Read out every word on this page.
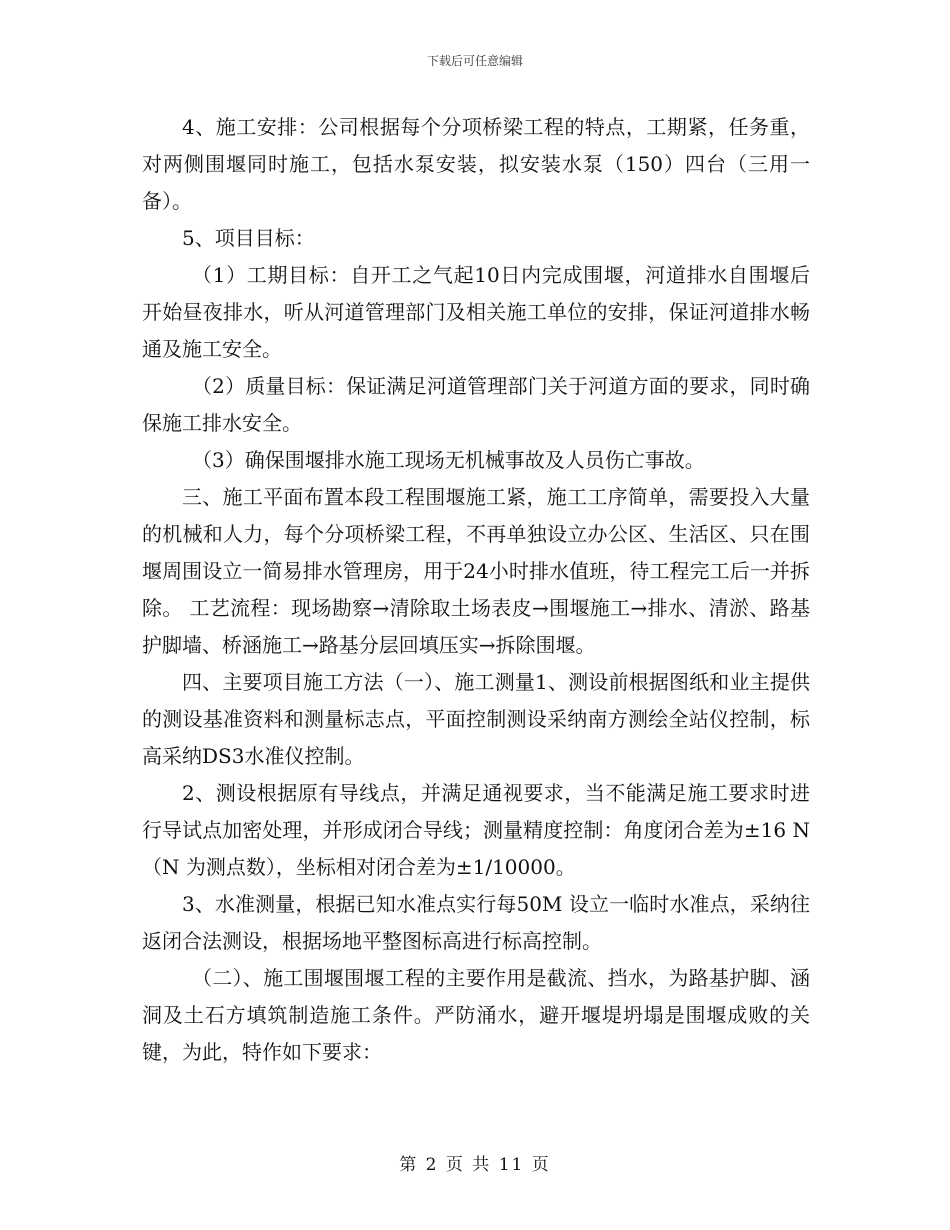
下载后可任意编辑

4、施工安排：公司根据每个分项桥梁工程的特点，工期紧，任务重，对两侧围堰同时施工，包括水泵安装，拟安装水泵（150）四台（三用一备）。

5、项目目标：

（1）工期目标：自开工之气起10日内完成围堰，河道排水自围堰后开始昼夜排水，听从河道管理部门及相关施工单位的安排，保证河道排水畅通及施工安全。

（2）质量目标：保证满足河道管理部门关于河道方面的要求，同时确保施工排水安全。

（3）确保围堰排水施工现场无机械事故及人员伤亡事故。

三、施工平面布置本段工程围堰施工紧，施工工序简单，需要投入大量的机械和人力，每个分项桥梁工程，不再单独设立办公区、生活区、只在围堰周围设立一简易排水管理房，用于24小时排水值班，待工程完工后一并拆除。 工艺流程：现场勘察→清除取土场表皮→围堰施工→排水、清淤、路基护脚墙、桥涵施工→路基分层回填压实→拆除围堰。

四、主要项目施工方法（一）、施工测量1、测设前根据图纸和业主提供的测设基准资料和测量标志点，平面控制测设采纳南方测绘全站仪控制，标高采纳DS3水准仪控制。

2、测设根据原有导线点，并满足通视要求，当不能满足施工要求时进行导试点加密处理，并形成闭合导线；测量精度控制：角度闭合差为±16 N（N 为测点数），坐标相对闭合差为±1/10000。

3、水准测量，根据已知水准点实行每50M 设立一临时水准点，采纳往返闭合法测设，根据场地平整图标高进行标高控制。

（二）、施工围堰围堰工程的主要作用是截流、挡水，为路基护脚、涵洞及土石方填筑制造施工条件。严防涌水，避开堰堤坍塌是围堰成败的关键，为此，特作如下要求：

第 2 页 共 11 页
